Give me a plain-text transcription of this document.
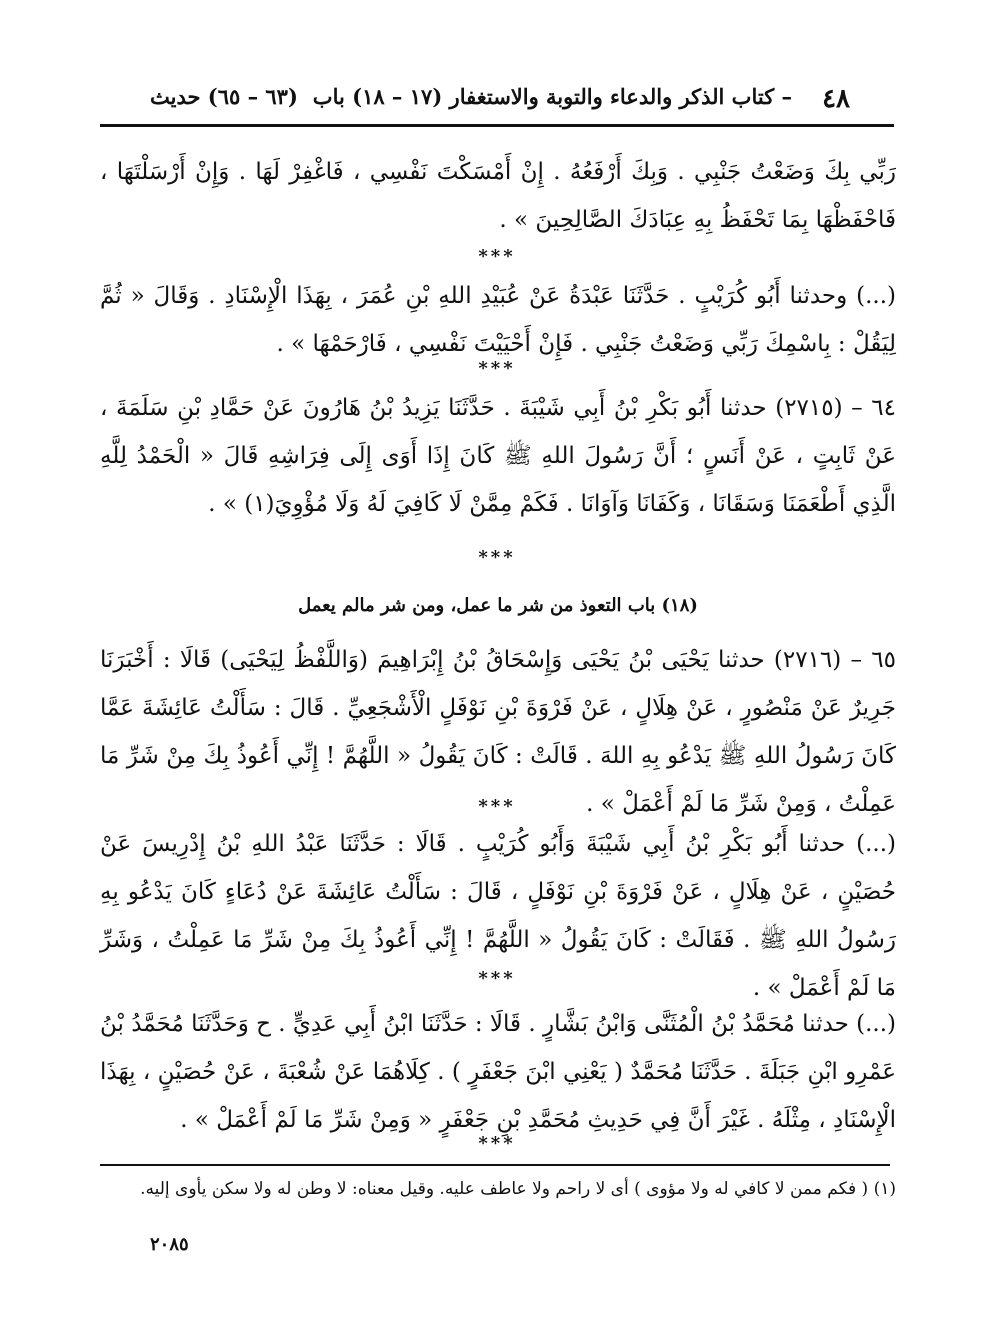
٤٨
– كتاب الذكر والدعاء والتوبة والاستغفار (١٧ – ١٨) باب
(٦٣ – ٦٥) حديث

رَبِّي بِكَ وَضَعْتُ جَنْبِي . وَبِكَ أَرْفَعُهُ . إِنْ أَمْسَكْتَ نَفْسِي ، فَاغْفِرْ لَهَا . وَإِنْ أَرْسَلْتَهَا ، فَاحْفَظْهَا بِمَا تَحْفَظُ بِهِ عِبَادَكَ الصَّالِحِينَ » .

***

(...) وحدثنا أَبُو كُرَيْبٍ . حَدَّثَنَا عَبْدَةُ عَنْ عُبَيْدِ اللهِ بْنِ عُمَرَ ، بِهَذَا الْإِسْنَادِ . وَقَالَ « ثُمَّ لِيَقُلْ : بِاسْمِكَ رَبِّي وَضَعْتُ جَنْبِي . فَإِنْ أَحْيَيْتَ نَفْسِي ، فَارْحَمْهَا » .

***

٦٤ – (٢٧١٥) حدثنا أَبُو بَكْرِ بْنُ أَبِي شَيْبَةَ . حَدَّثَنَا يَزِيدُ بْنُ هَارُونَ عَنْ حَمَّادِ بْنِ سَلَمَةَ ، عَنْ ثَابِتٍ ، عَنْ أَنَسٍ ؛ أَنَّ رَسُولَ اللهِ ﷺ كَانَ إِذَا أَوَى إِلَى فِرَاشِهِ قَالَ « الْحَمْدُ لِلَّهِ الَّذِي أَطْعَمَنَا وَسَقَانَا ، وَكَفَانَا وَآوَانَا . فَكَمْ مِمَّنْ لَا كَافِيَ لَهُ وَلَا مُؤْوِيَ(١) » .

***
(١٨) باب التعوذ من شر ما عمل، ومن شر مالم يعمل

٦٥ – (٢٧١٦) حدثنا يَحْيَى بْنُ يَحْيَى وَإِسْحَاقُ بْنُ إِبْرَاهِيمَ (وَاللَّفْظُ لِيَحْيَى) قَالَا : أَخْبَرَنَا جَرِيرٌ عَنْ مَنْصُورٍ ، عَنْ هِلَالٍ ، عَنْ فَرْوَةَ بْنِ نَوْفَلٍ الْأَشْجَعِيِّ . قَالَ : سَأَلْتُ عَائِشَةَ عَمَّا كَانَ رَسُولُ اللهِ ﷺ يَدْعُو بِهِ اللهَ . قَالَتْ : كَانَ يَقُولُ « اللَّهُمَّ ! إِنِّي أَعُوذُ بِكَ مِنْ شَرِّ مَا عَمِلْتُ ، وَمِنْ شَرِّ مَا لَمْ أَعْمَلْ » .

***

(...) حدثنا أَبُو بَكْرِ بْنُ أَبِي شَيْبَةَ وَأَبُو كُرَيْبٍ . قَالَا : حَدَّثَنَا عَبْدُ اللهِ بْنُ إِدْرِيسَ عَنْ حُصَيْنٍ ، عَنْ هِلَالٍ ، عَنْ فَرْوَةَ بْنِ نَوْفَلٍ ، قَالَ : سَأَلْتُ عَائِشَةَ عَنْ دُعَاءٍ كَانَ يَدْعُو بِهِ رَسُولُ اللهِ ﷺ . فَقَالَتْ : كَانَ يَقُولُ « اللَّهُمَّ ! إِنِّي أَعُوذُ بِكَ مِنْ شَرِّ مَا عَمِلْتُ ، وَشَرِّ مَا لَمْ أَعْمَلْ » .

***

(...) حدثنا مُحَمَّدُ بْنُ الْمُثَنَّى وَابْنُ بَشَّارٍ . قَالَا : حَدَّثَنَا ابْنُ أَبِي عَدِيٍّ . ح وَحَدَّثَنَا مُحَمَّدُ بْنُ عَمْرِو ابْنِ جَبَلَةَ . حَدَّثَنَا مُحَمَّدٌ ( يَعْنِي ابْنَ جَعْفَرٍ ) . كِلَاهُمَا عَنْ شُعْبَةَ ، عَنْ حُصَيْنٍ ، بِهَذَا الْإِسْنَادِ ، مِثْلَهُ . غَيْرَ أَنَّ فِي حَدِيثِ مُحَمَّدِ بْنِ جَعْفَرٍ « وَمِنْ شَرِّ مَا لَمْ أَعْمَلْ » .

***
(١) ( فكم ممن لا كافي له ولا مؤوى ) أى لا راحم ولا عاطف عليه. وقيل معناه: لا وطن له ولا سكن يأوى إليه.
٢٠٨٥
